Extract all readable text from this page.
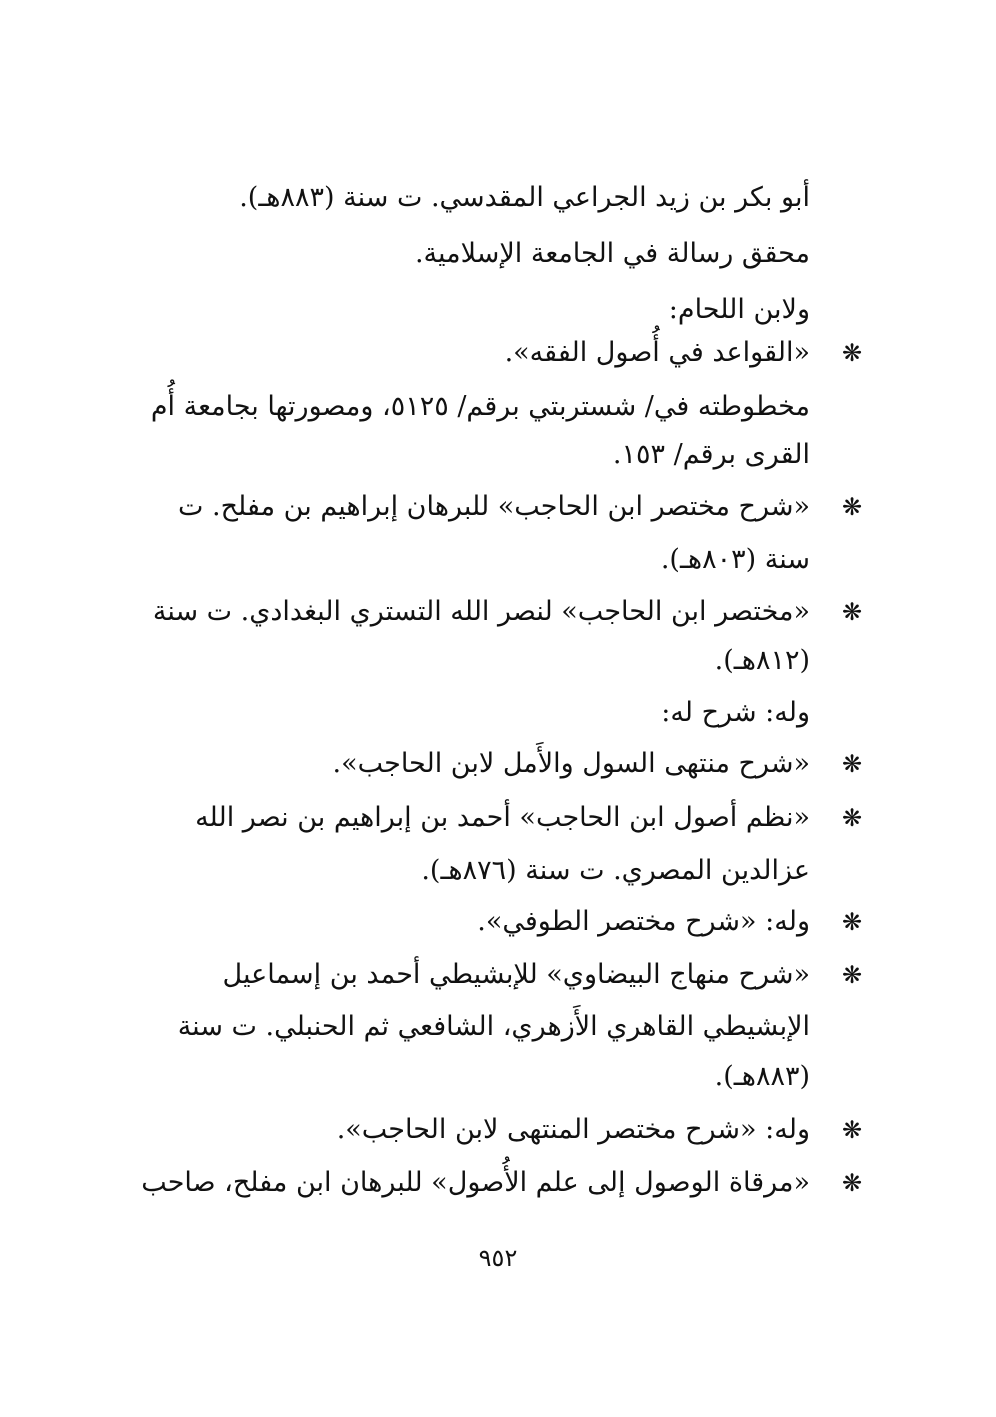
أبو بكر بن زيد الجراعي المقدسي. ت سنة (٨٨٣هـ).
محقق رسالة في الجامعة الإسلامية.
ولابن اللحام:
❋
«القواعد في أُصول الفقه».
مخطوطته في/ شستربتي برقم/ ٥١٢٥، ومصورتها بجامعة أُم
القرى برقم/ ١٥٣.
❋
«شرح مختصر ابن الحاجب» للبرهان إبراهيم بن مفلح. ت
سنة (٨٠٣هـ).
❋
«مختصر ابن الحاجب» لنصر الله التستري البغدادي. ت سنة
(٨١٢هـ).
وله: شرح له:
❋
«شرح منتهى السول والأَمل لابن الحاجب».
❋
«نظم أصول ابن الحاجب» أحمد بن إبراهيم بن نصر الله
عزالدين المصري. ت سنة (٨٧٦هـ).
❋
وله: «شرح مختصر الطوفي».
❋
«شرح منهاج البيضاوي» للإبشيطي أحمد بن إسماعيل
الإبشيطي القاهري الأَزهري، الشافعي ثم الحنبلي. ت سنة
(٨٨٣هـ).
❋
وله: «شرح مختصر المنتهى لابن الحاجب».
❋
«مرقاة الوصول إلى علم الأُصول» للبرهان ابن مفلح، صاحب
٩٥٢
